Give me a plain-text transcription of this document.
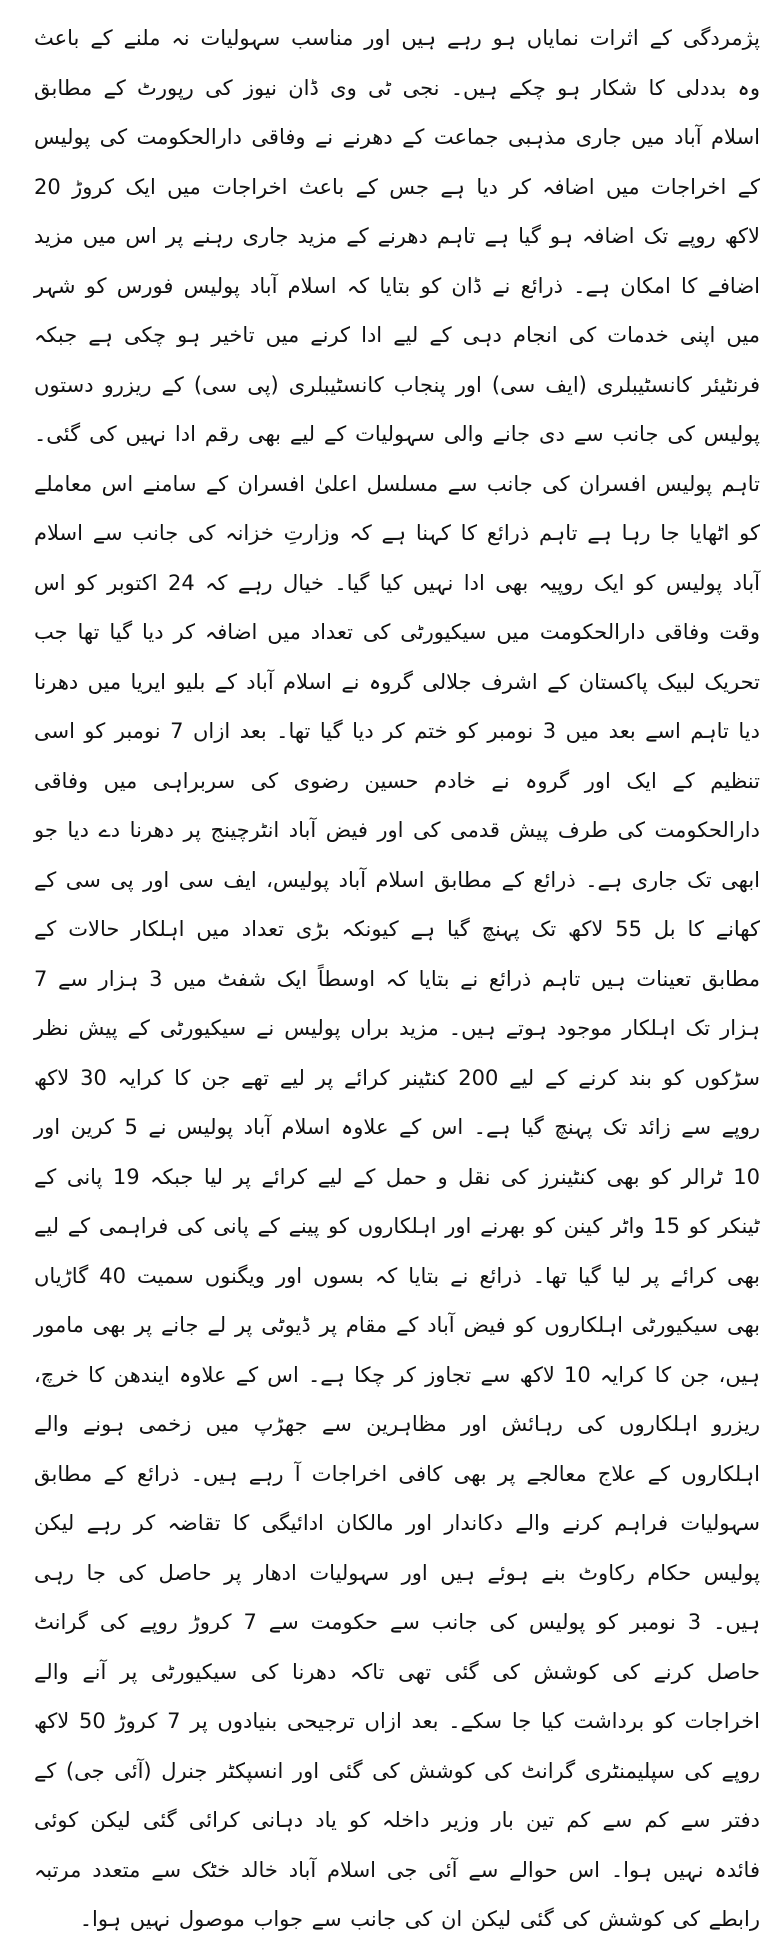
پژمردگی کے اثرات نمایاں ہو رہے ہیں اور مناسب سہولیات نہ ملنے کے باعث وہ بددلی کا شکار ہو چکے ہیں۔ نجی ٹی وی ڈان نیوز کی رپورٹ کے مطابق اسلام آباد میں جاری مذہبی جماعت کے دھرنے نے وفاقی دارالحکومت کی پولیس کے اخراجات میں اضافہ کر دیا ہے جس کے باعث اخراجات میں ایک کروڑ 20 لاکھ روپے تک اضافہ ہو گیا ہے تاہم دھرنے کے مزید جاری رہنے پر اس میں مزید اضافے کا امکان ہے۔ ذرائع نے ڈان کو بتایا کہ اسلام آباد پولیس فورس کو شہر میں اپنی خدمات کی انجام دہی کے لیے ادا کرنے میں تاخیر ہو چکی ہے جبکہ فرنٹیئر کانسٹیبلری (ایف سی) اور پنجاب کانسٹیبلری (پی سی) کے ریزرو دستوں پولیس کی جانب سے دی جانے والی سہولیات کے لیے بھی رقم ادا نہیں کی گئی۔ تاہم پولیس افسران کی جانب سے مسلسل اعلیٰ افسران کے سامنے اس معاملے کو اٹھایا جا رہا ہے تاہم ذرائع کا کہنا ہے کہ وزارتِ خزانہ کی جانب سے اسلام آباد پولیس کو ایک روپیہ بھی ادا نہیں کیا گیا۔ خیال رہے کہ 24 اکتوبر کو اس وقت وفاقی دارالحکومت میں سیکیورٹی کی تعداد میں اضافہ کر دیا گیا تھا جب تحریک لبیک پاکستان کے اشرف جلالی گروہ نے اسلام آباد کے بلیو ایریا میں دھرنا دیا تاہم اسے بعد میں 3 نومبر کو ختم کر دیا گیا تھا۔ بعد ازاں 7 نومبر کو اسی تنظیم کے ایک اور گروہ نے خادم حسین رضوی کی سربراہی میں وفاقی دارالحکومت کی طرف پیش قدمی کی اور فیض آباد انٹرچینج پر دھرنا دے دیا جو ابھی تک جاری ہے۔ ذرائع کے مطابق اسلام آباد پولیس، ایف سی اور پی سی کے کھانے کا بل 55 لاکھ تک پہنچ گیا ہے کیونکہ بڑی تعداد میں اہلکار حالات کے مطابق تعینات ہیں تاہم ذرائع نے بتایا کہ اوسطاً ایک شفٹ میں 3 ہزار سے 7 ہزار تک اہلکار موجود ہوتے ہیں۔ مزید براں پولیس نے سیکیورٹی کے پیش نظر سڑکوں کو بند کرنے کے لیے 200 کنٹینر کرائے پر لیے تھے جن کا کرایہ 30 لاکھ روپے سے زائد تک پہنچ گیا ہے۔ اس کے علاوہ اسلام آباد پولیس نے 5 کرین اور 10 ٹرالر کو بھی کنٹینرز کی نقل و حمل کے لیے کرائے پر لیا جبکہ 19 پانی کے ٹینکر کو 15 واٹر کینن کو بھرنے اور اہلکاروں کو پینے کے پانی کی فراہمی کے لیے بھی کرائے پر لیا گیا تھا۔ ذرائع نے بتایا کہ بسوں اور ویگنوں سمیت 40 گاڑیاں بھی سیکیورٹی اہلکاروں کو فیض آباد کے مقام پر ڈیوٹی پر لے جانے پر بھی مامور ہیں، جن کا کرایہ 10 لاکھ سے تجاوز کر چکا ہے۔ اس کے علاوہ ایندھن کا خرچ، ریزرو اہلکاروں کی رہائش اور مظاہرین سے جھڑپ میں زخمی ہونے والے اہلکاروں کے علاج معالجے پر بھی کافی اخراجات آ رہے ہیں۔ ذرائع کے مطابق سہولیات فراہم کرنے والے دکاندار اور مالکان ادائیگی کا تقاضہ کر رہے لیکن پولیس حکام رکاوٹ بنے ہوئے ہیں اور سہولیات ادھار پر حاصل کی جا رہی ہیں۔ 3 نومبر کو پولیس کی جانب سے حکومت سے 7 کروڑ روپے کی گرانٹ حاصل کرنے کی کوشش کی گئی تھی تاکہ دھرنا کی سیکیورٹی پر آنے والے اخراجات کو برداشت کیا جا سکے۔ بعد ازاں ترجیحی بنیادوں پر 7 کروڑ 50 لاکھ روپے کی سپلیمنٹری گرانٹ کی کوشش کی گئی اور انسپکٹر جنرل (آئی جی) کے دفتر سے کم سے کم تین بار وزیر داخلہ کو یاد دہانی کرائی گئی لیکن کوئی فائدہ نہیں ہوا۔ اس حوالے سے آئی جی اسلام آباد خالد خٹک سے متعدد مرتبہ رابطے کی کوشش کی گئی لیکن ان کی جانب سے جواب موصول نہیں ہوا۔
